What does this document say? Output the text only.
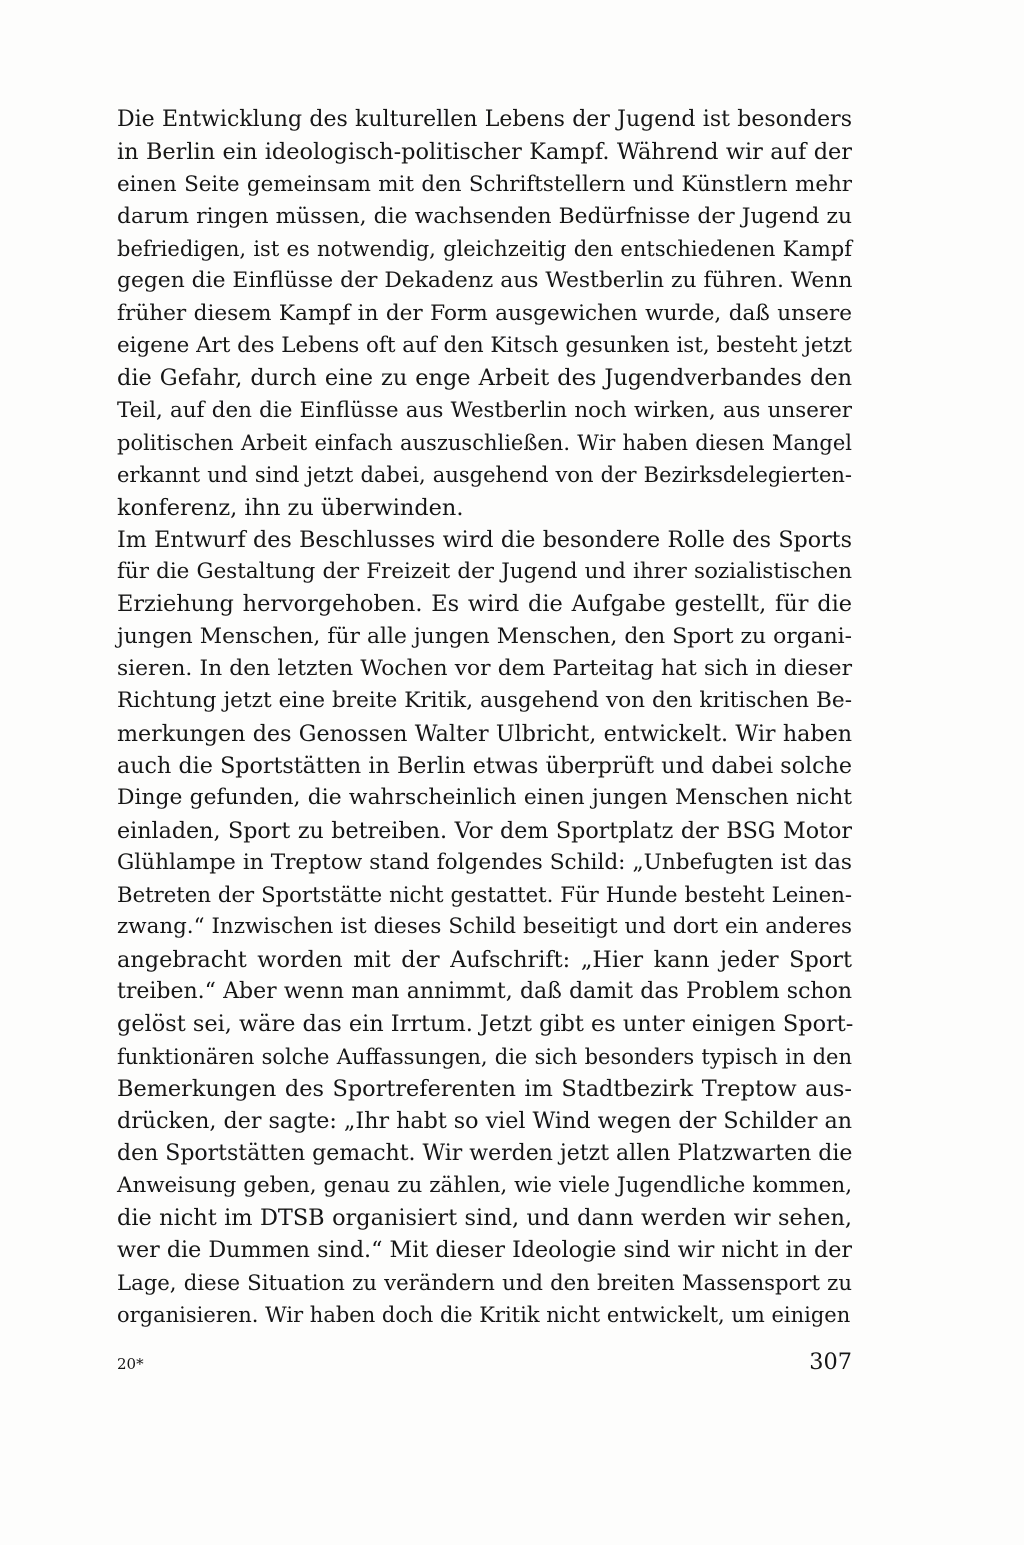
Die Entwicklung des kulturellen Lebens der Jugend ist besonders
in Berlin ein ideologisch-politischer Kampf. Während wir auf der
einen Seite gemeinsam mit den Schriftstellern und Künstlern mehr
darum ringen müssen, die wachsenden Bedürfnisse der Jugend zu
befriedigen, ist es notwendig, gleichzeitig den entschiedenen Kampf
gegen die Einflüsse der Dekadenz aus Westberlin zu führen. Wenn
früher diesem Kampf in der Form ausgewichen wurde, daß unsere
eigene Art des Lebens oft auf den Kitsch gesunken ist, besteht jetzt
die Gefahr, durch eine zu enge Arbeit des Jugendverbandes den
Teil, auf den die Einflüsse aus Westberlin noch wirken, aus unserer
politischen Arbeit einfach auszuschließen. Wir haben diesen Mangel
erkannt und sind jetzt dabei, ausgehend von der Bezirksdelegierten-
konferenz, ihn zu überwinden.
Im Entwurf des Beschlusses wird die besondere Rolle des Sports
für die Gestaltung der Freizeit der Jugend und ihrer sozialistischen
Erziehung hervorgehoben. Es wird die Aufgabe gestellt, für die
jungen Menschen, für alle jungen Menschen, den Sport zu organi-
sieren. In den letzten Wochen vor dem Parteitag hat sich in dieser
Richtung jetzt eine breite Kritik, ausgehend von den kritischen Be-
merkungen des Genossen Walter Ulbricht, entwickelt. Wir haben
auch die Sportstätten in Berlin etwas überprüft und dabei solche
Dinge gefunden, die wahrscheinlich einen jungen Menschen nicht
einladen, Sport zu betreiben. Vor dem Sportplatz der BSG Motor
Glühlampe in Treptow stand folgendes Schild: „Unbefugten ist das
Betreten der Sportstätte nicht gestattet. Für Hunde besteht Leinen-
zwang.“ Inzwischen ist dieses Schild beseitigt und dort ein anderes
angebracht worden mit der Aufschrift: „Hier kann jeder Sport
treiben.“ Aber wenn man annimmt, daß damit das Problem schon
gelöst sei, wäre das ein Irrtum. Jetzt gibt es unter einigen Sport-
funktionären solche Auffassungen, die sich besonders typisch in den
Bemerkungen des Sportreferenten im Stadtbezirk Treptow aus-
drücken, der sagte: „Ihr habt so viel Wind wegen der Schilder an
den Sportstätten gemacht. Wir werden jetzt allen Platzwarten die
Anweisung geben, genau zu zählen, wie viele Jugendliche kommen,
die nicht im DTSB organisiert sind, und dann werden wir sehen,
wer die Dummen sind.“ Mit dieser Ideologie sind wir nicht in der
Lage, diese Situation zu verändern und den breiten Massensport zu
organisieren. Wir haben doch die Kritik nicht entwickelt, um einigen
20*	307
